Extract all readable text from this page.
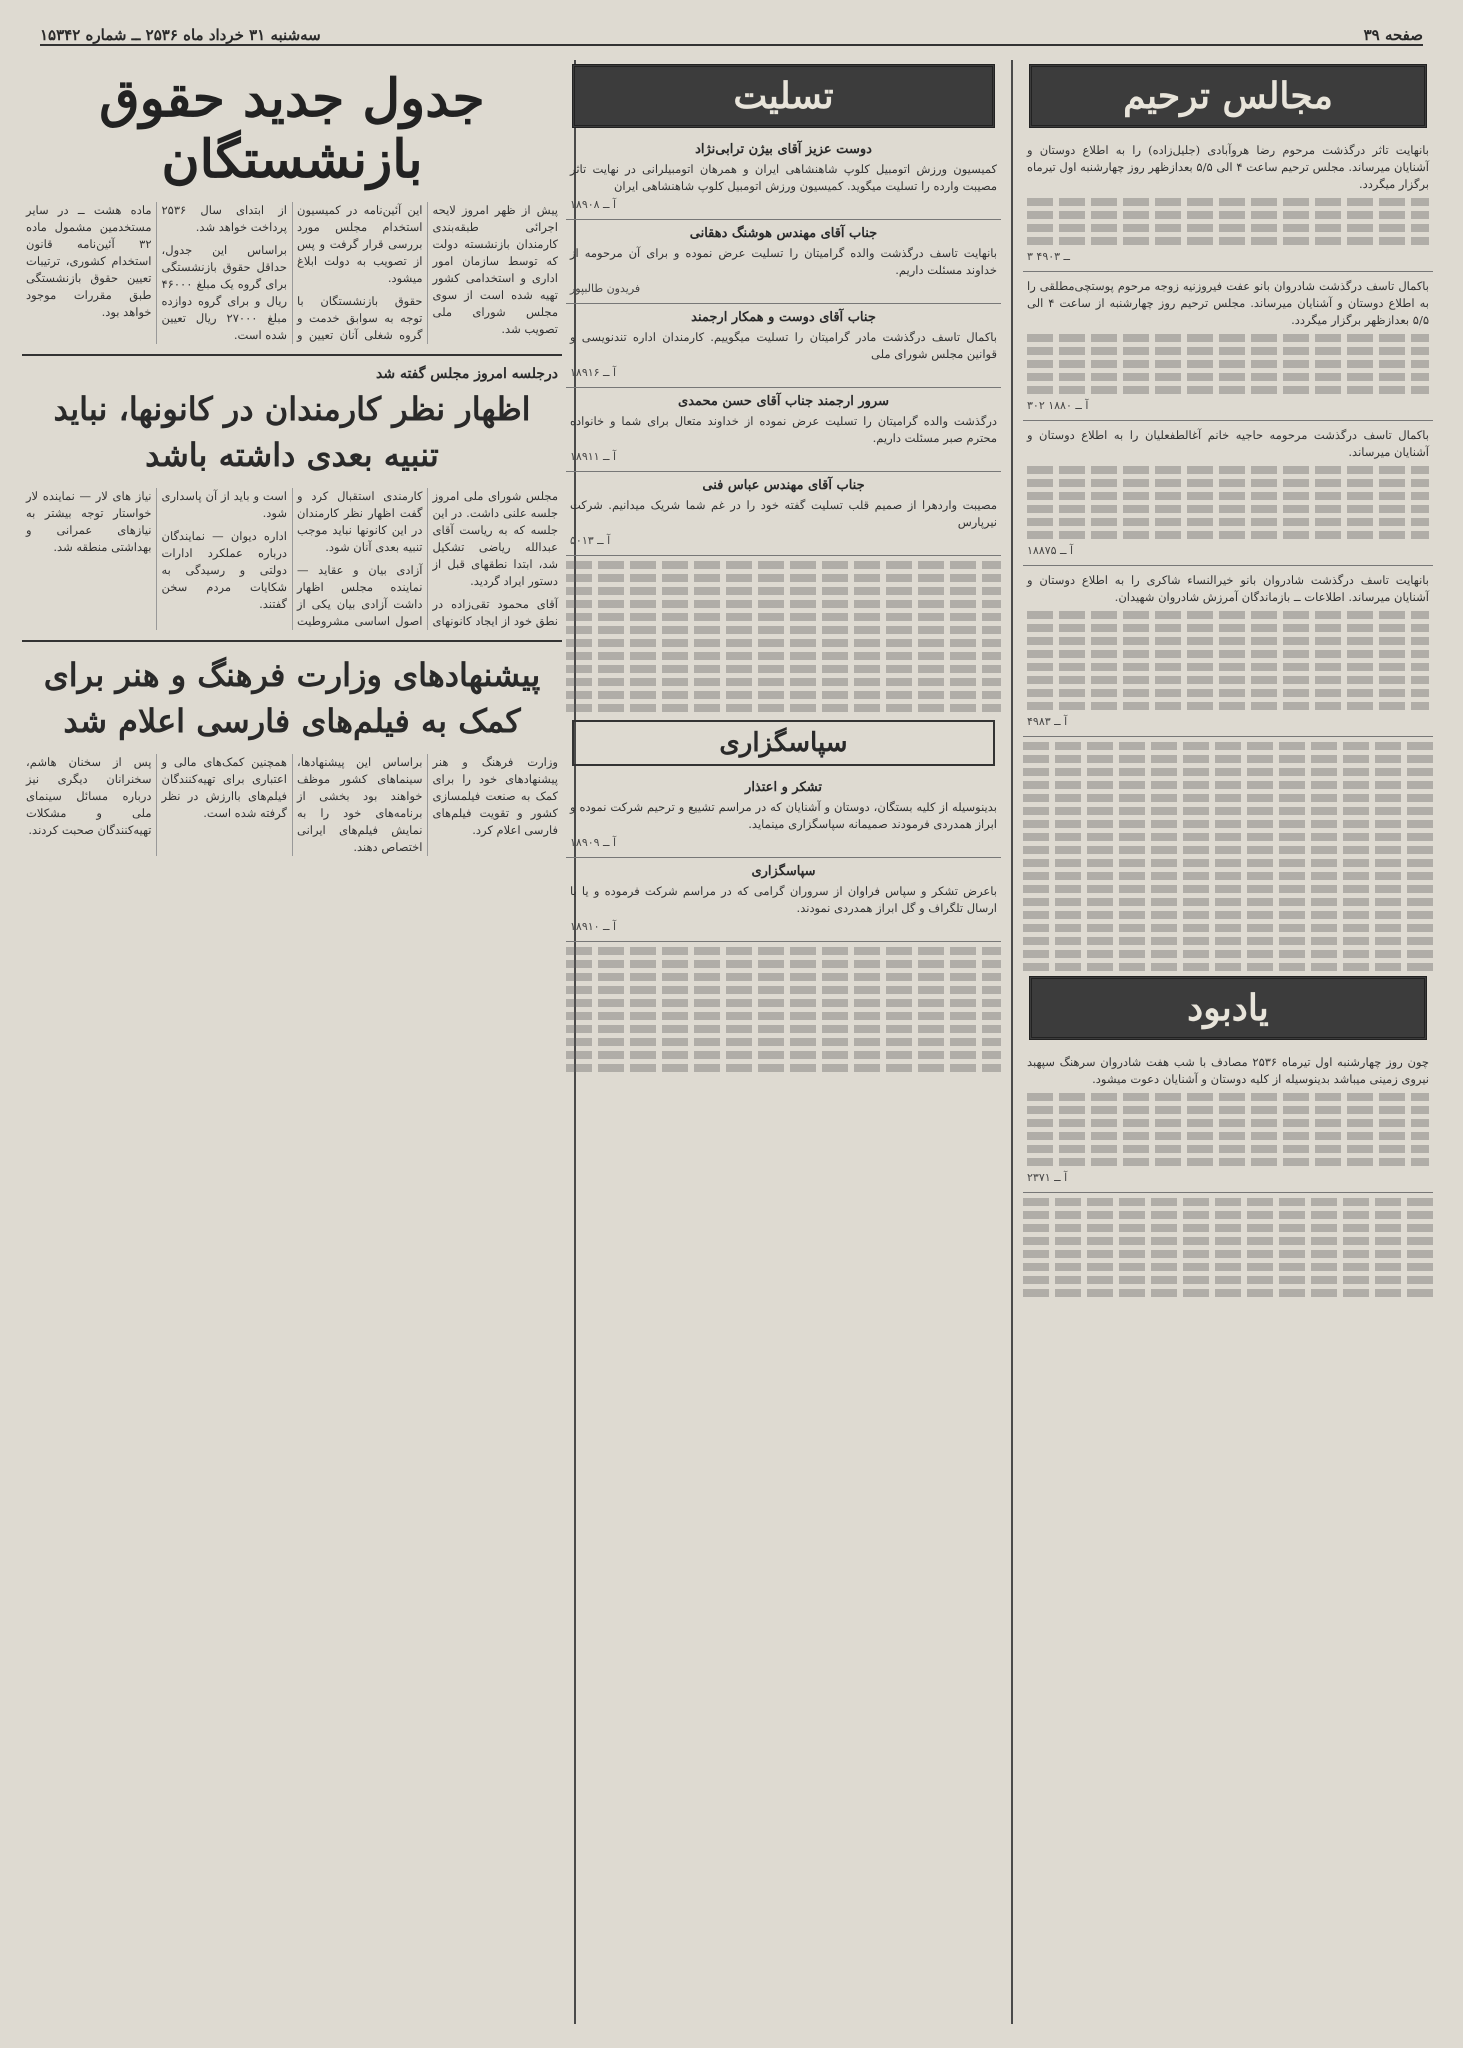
صفحه ۳۹
سه‌شنبه ۳۱ خرداد ماه ۲۵۳۶ ــ شماره ۱۵۳۴۲
مجالس ترحیم

بانهایت تاثر درگذشت مرحوم رضا هروآبادی (جلیل‌زاده) را به اطلاع دوستان و آشنایان میرساند. مجلس ترحیم ساعت ۴ الی ۵/۵ بعدازظهر روز چهارشنبه اول تیرماه برگزار میگردد.

۳ ــ ۴۹۰۳

باکمال تاسف درگذشت شادروان بانو عفت فیروزنیه زوجه مرحوم پوستچی‌مطلقی را به اطلاع دوستان و آشنایان میرساند. مجلس ترحیم روز چهارشنبه از ساعت ۴ الی ۵/۵ بعدازظهر برگزار میگردد.

۳۰۲ آ ــ ۱۸۸۰

باکمال تاسف درگذشت مرحومه حاجیه خانم آغالطفعلیان را به اطلاع دوستان و آشنایان میرساند.

آ ــ ۱۸۸۷۵

بانهایت تاسف درگذشت شادروان بانو خیرالنساء شاکری را به اطلاع دوستان و آشنایان میرساند. اطلاعات ــ بازماندگان آمرزش شادروان شهیدان.

آ ــ ۴۹۸۳
یادبود

چون روز چهارشنبه اول تیرماه ۲۵۳۶ مصادف با شب هفت شادروان سرهنگ سپهبد نیروی زمینی میباشد بدینوسیله از کلیه دوستان و آشنایان دعوت میشود.

آ ــ ۲۳۷۱
تسلیت
دوست عزیز آقای بیژن ترابی‌نژاد

کمیسیون ورزش اتومبیل کلوپ شاهنشاهی ایران و همرهان اتومبیلرانی در نهایت تاثر مصیبت وارده را تسلیت میگوید. کمیسیون ورزش اتومبیل کلوپ شاهنشاهی ایران

آ ــ ۱۸۹۰۸
جناب آقای مهندس هوشنگ دهقانی

بانهایت تاسف درگذشت والده گرامیتان را تسلیت عرض نموده و برای آن مرحومه از خداوند مسئلت داریم.

فریدون طالبپور
جناب آقای دوست و همکار ارجمند

باکمال تاسف درگذشت مادر گرامیتان را تسلیت میگوییم. کارمندان اداره تندنویسی و قوانین مجلس شورای ملی

آ ــ ۱۸۹۱۶
سرور ارجمند جناب آقای حسن محمدی

درگذشت والده گرامیتان را تسلیت عرض نموده از خداوند متعال برای شما و خانواده محترم صبر مسئلت داریم.

آ ــ ۱۸۹۱۱
جناب آقای مهندس عباس فنی

مصیبت واردهرا از صمیم قلب تسلیت گفته خود را در غم شما شریک میدانیم. شرکت نیرپارس

آ ــ ۵۰۱۳
سپاسگزاری
تشکر و اعتذار

بدینوسیله از کلیه بستگان، دوستان و آشنایان که در مراسم تشییع و ترحیم شرکت نموده و ابراز همدردی فرمودند صمیمانه سپاسگزاری مینماید.

آ ــ ۱۸۹۰۹
سپاسگزاری

باعرض تشکر و سپاس فراوان از سروران گرامی که در مراسم شرکت فرموده و یا با ارسال تلگراف و گل ابراز همدردی نمودند.

آ ــ ۱۸۹۱۰
جدول جدید حقوق بازنشستگان

پیش از ظهر امروز لایحه اجرائی طبقه‌بندی کارمندان بازنشسته دولت که توسط سازمان امور اداری و استخدامی کشور تهیه شده است از سوی مجلس شورای ملی تصویب شد.

این آئین‌نامه در کمیسیون استخدام مجلس مورد بررسی قرار گرفت و پس از تصویب به دولت ابلاغ میشود.

حقوق بازنشستگان با توجه به سوابق خدمت و گروه شغلی آنان تعیین و از ابتدای سال ۲۵۳۶ پرداخت خواهد شد.

براساس این جدول، حداقل حقوق بازنشستگی برای گروه یک مبلغ ۴۶۰۰۰ ریال و برای گروه دوازده مبلغ ۲۷۰۰۰ ریال تعیین شده است.

ماده هشت ــ در سایر مستخدمین مشمول ماده ۳۲ آئین‌نامه قانون استخدام کشوری، ترتیبات تعیین حقوق بازنشستگی طبق مقررات موجود خواهد بود.

درجلسه امروز مجلس گفته شد
اظهار نظر کارمندان در کانونها، نباید تنبیه بعدی داشته باشد

مجلس شورای ملی امروز جلسه علنی داشت. در این جلسه که به ریاست آقای عبدالله ریاضی تشکیل شد، ابتدا نطقهای قبل از دستور ایراد گردید.

آقای محمود تقی‌زاده در نطق خود از ایجاد کانونهای کارمندی استقبال کرد و گفت اظهار نظر کارمندان در این کانونها نباید موجب تنبیه بعدی آنان شود.

آزادی بیان و عقاید — نماینده مجلس اظهار داشت آزادی بیان یکی از اصول اساسی مشروطیت است و باید از آن پاسداری شود.

اداره دیوان — نمایندگان درباره عملکرد ادارات دولتی و رسیدگی به شکایات مردم سخن گفتند.

نیاز های لار — نماینده لار خواستار توجه بیشتر به نیازهای عمرانی و بهداشتی منطقه شد.

پیشنهادهای وزارت فرهنگ و هنر برای کمک به فیلم‌های فارسی اعلام شد

وزارت فرهنگ و هنر پیشنهادهای خود را برای کمک به صنعت فیلمسازی کشور و تقویت فیلم‌های فارسی اعلام کرد.

براساس این پیشنهادها، سینماهای کشور موظف خواهند بود بخشی از برنامه‌های خود را به نمایش فیلم‌های ایرانی اختصاص دهند.

همچنین کمک‌های مالی و اعتباری برای تهیه‌کنندگان فیلم‌های باارزش در نظر گرفته شده است.

پس از سخنان هاشم، سخنرانان دیگری نیز درباره مسائل سینمای ملی و مشکلات تهیه‌کنندگان صحبت کردند.
